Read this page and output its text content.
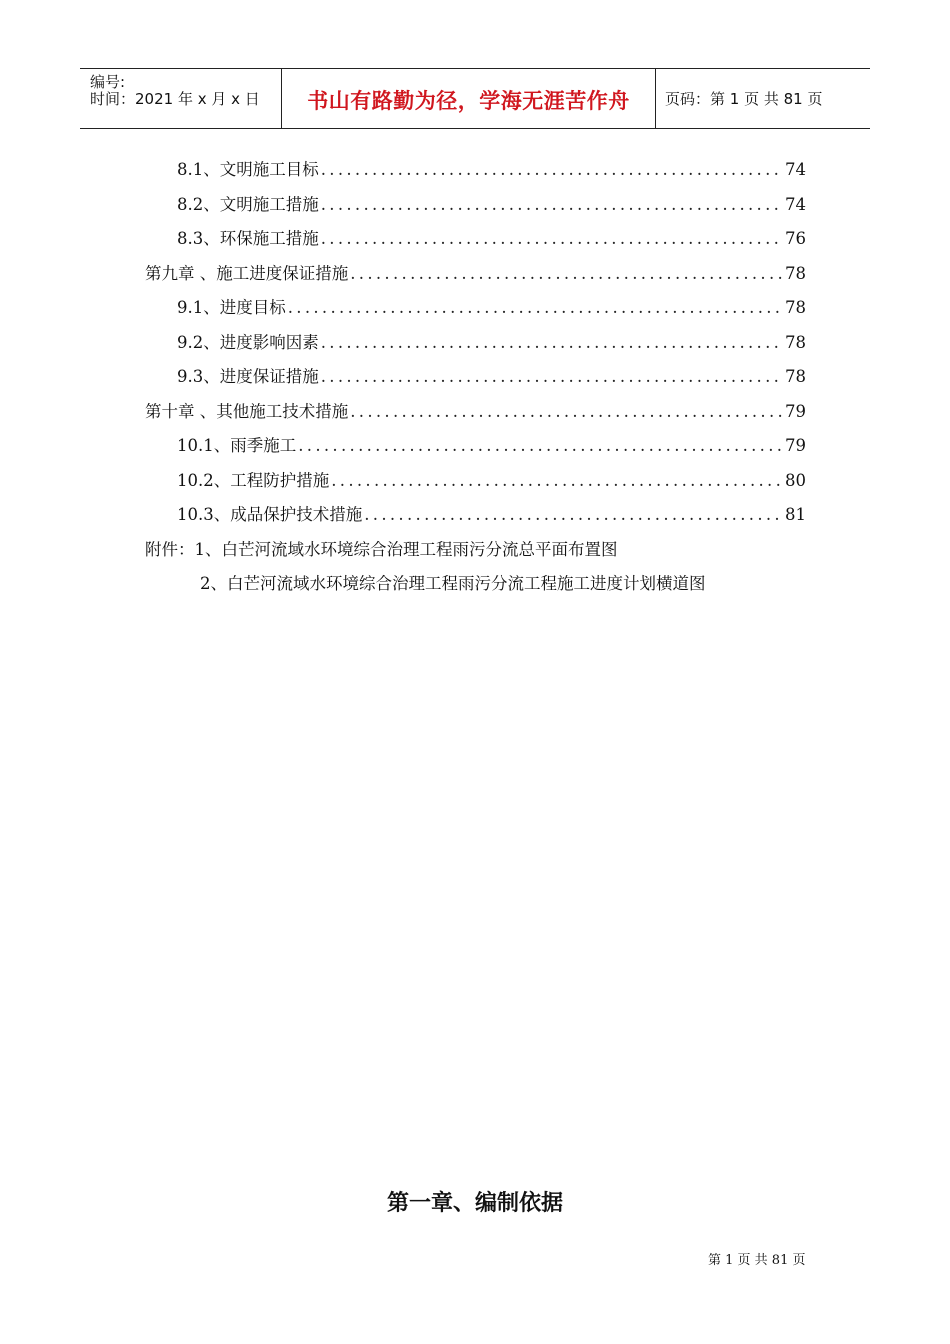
编号:
时间：2021 年 x 月 x 日 书山有路勤为径，学海无涯苦作舟 页码：第 1 页 共 81 页
8.1、文明施工目标 .....	74
8.2、文明施工措施 .....	74
8.3、环保施工措施 .....	76
第九章 、施工进度保证措施 .....	78
9.1、进度目标 .....	78
9.2、进度影响因素 .....	78
9.3、进度保证措施 .....	78
第十章 、其他施工技术措施 .....	79
10.1、雨季施工 .....	79
10.2、工程防护措施 .....	80
10.3、成品保护技术措施 .....	81
附件：1、白芒河流域水环境综合治理工程雨污分流总平面布置图
2、白芒河流域水环境综合治理工程雨污分流工程施工进度计划横道图
第一章、编制依据
第 1 页 共 81 页
